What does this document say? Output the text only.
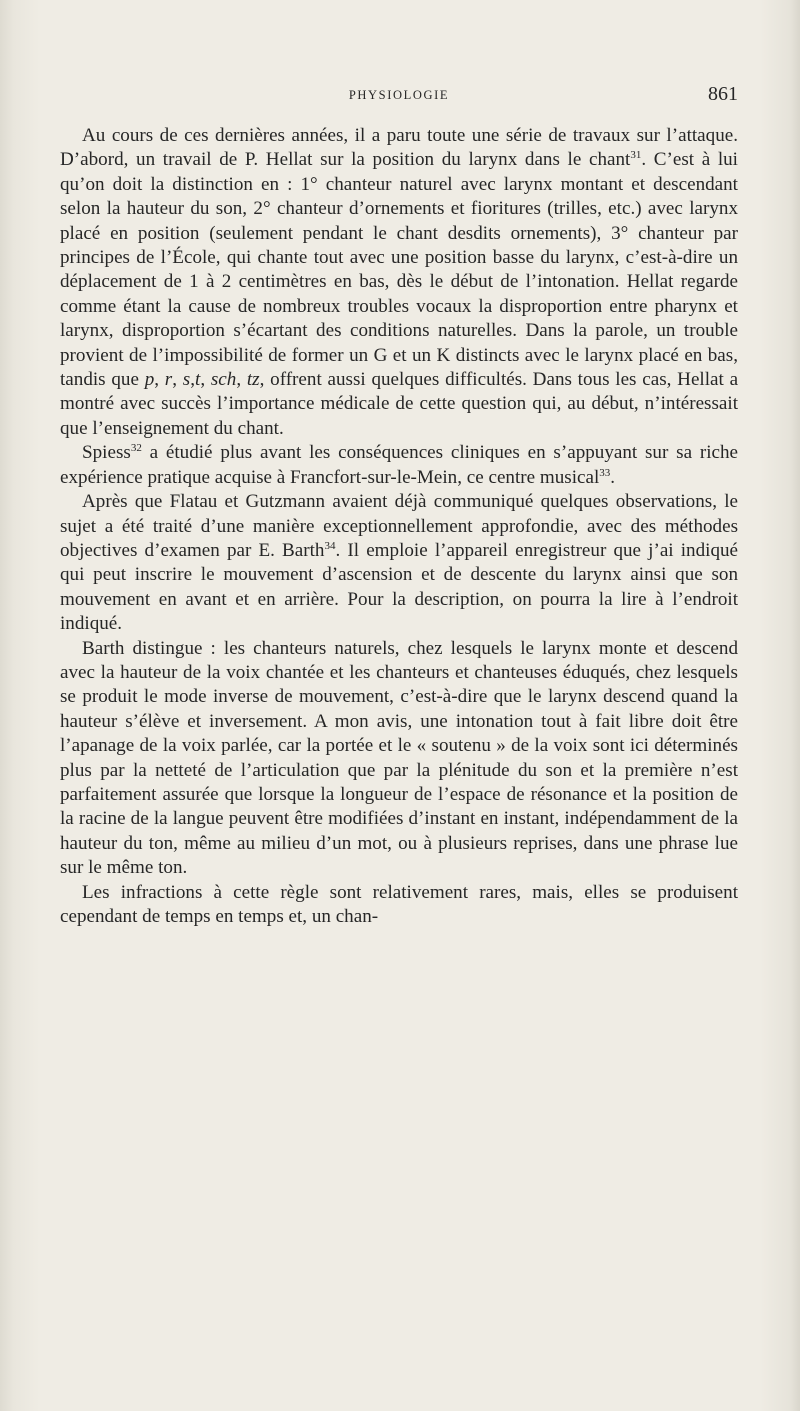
PHYSIOLOGIE	861

Au cours de ces dernières années, il a paru toute une série de travaux sur l’attaque. D’abord, un travail de P. Hellat sur la position du larynx dans le chant$^{31}$. C’est à lui qu’on doit la distinction en : 1° chanteur naturel avec larynx montant et descendant selon la hauteur du son, 2° chanteur d’ornements et fioritures (trilles, etc.) avec larynx placé en position (seulement pendant le chant desdits ornements), 3° chanteur par principes de l’École, qui chante tout avec une position basse du larynx, c’est-à-dire un déplacement de 1 à 2 centimètres en bas, dès le début de l’intonation. Hellat regarde comme étant la cause de nombreux troubles vocaux la disproportion entre pharynx et larynx, disproportion s’écartant des conditions naturelles. Dans la parole, un trouble provient de l’impossibilité de former un G et un K distincts avec le larynx placé en bas, tandis que p, r, s,t, sch, tz, offrent aussi quelques difficultés. Dans tous les cas, Hellat a montré avec succès l’importance médicale de cette question qui, au début, n’intéressait que l’enseignement du chant.

Spiess$^{32}$ a étudié plus avant les conséquences cliniques en s’appuyant sur sa riche expérience pratique acquise à Francfort-sur-le-Mein, ce centre musical$^{33}$.

Après que Flatau et Gutzmann avaient déjà communiqué quelques observations, le sujet a été traité d’une manière exceptionnellement approfondie, avec des méthodes objectives d’examen par E. Barth$^{34}$. Il emploie l’appareil enregistreur que j’ai indiqué qui peut inscrire le mouvement d’ascension et de descente du larynx ainsi que son mouvement en avant et en arrière. Pour la description, on pourra la lire à l’endroit indiqué.

Barth distingue : les chanteurs naturels, chez lesquels le larynx monte et descend avec la hauteur de la voix chantée et les chanteurs et chanteuses éduqués, chez lesquels se produit le mode inverse de mouvement, c’est-à-dire que le larynx descend quand la hauteur s’élève et inversement. A mon avis, une intonation tout à fait libre doit être l’apanage de la voix parlée, car la portée et le « soutenu » de la voix sont ici déterminés plus par la netteté de l’articulation que par la plénitude du son et la première n’est parfaitement assurée que lorsque la longueur de l’espace de résonance et la position de la racine de la langue peuvent être modifiées d’instant en instant, indépendamment de la hauteur du ton, même au milieu d’un mot, ou à plusieurs reprises, dans une phrase lue sur le même ton.

Les infractions à cette règle sont relativement rares, mais, elles se produisent cependant de temps en temps et, un chan-
